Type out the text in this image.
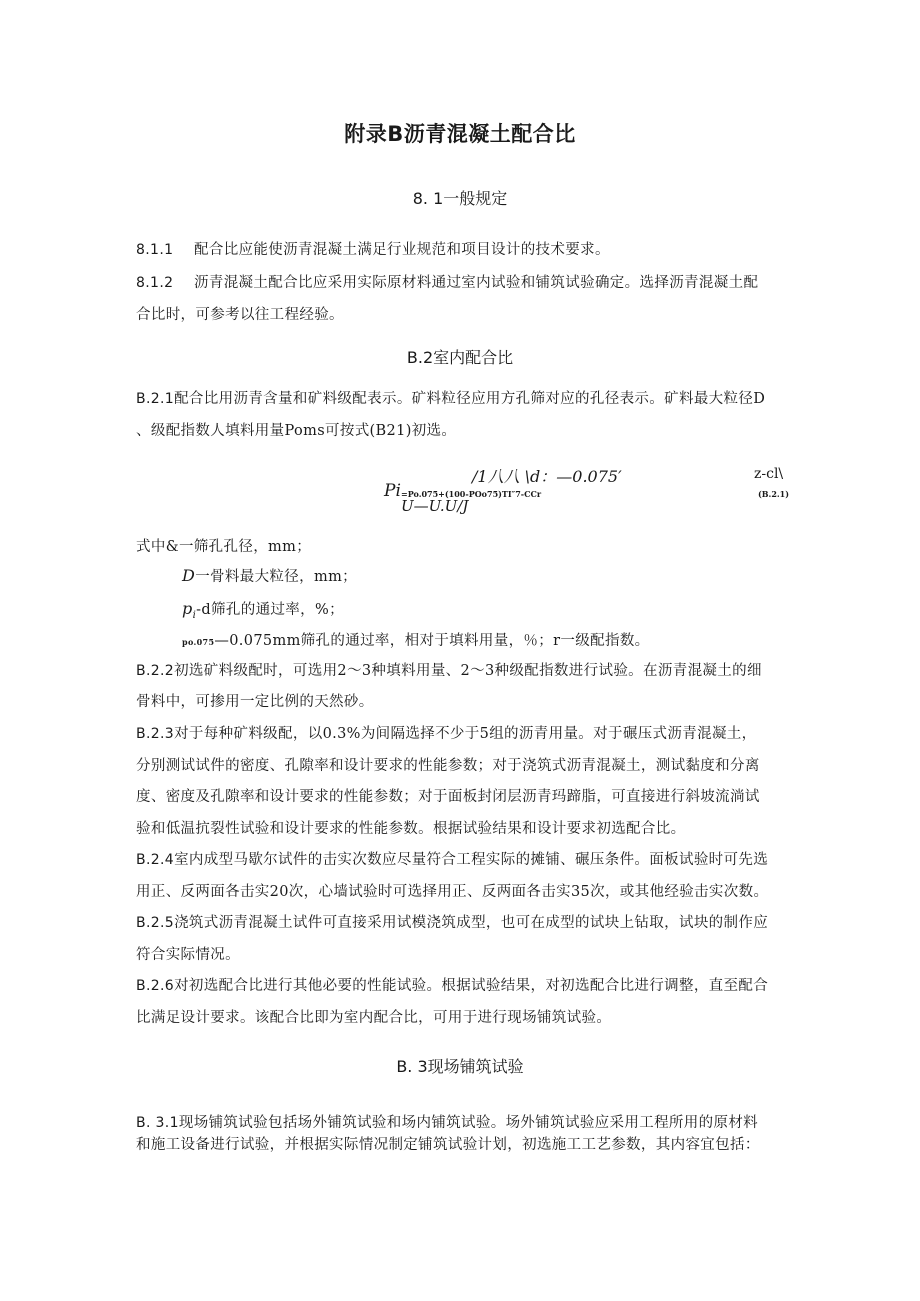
附录B沥青混凝土配合比
8. 1一般规定
8.1.1 配合比应能使沥青混凝土满足行业规范和项目设计的技术要求。
8.1.2 沥青混凝土配合比应采用实际原材料通过室内试验和铺筑试验确定。选择沥青混凝土配
合比时，可参考以往工程经验。
B.2室内配合比
B.2.1配合比用沥青含量和矿料级配表示。矿料粒径应用方孔筛对应的孔径表示。矿料最大粒径D
、级配指数人填料用量Poms可按式(B21)初选。
/1八八 \d：—0.075′	z-cl\
Pi =Po.075+(100-POo75)TI″7-CCr	(B.2.1)
U—U.U/J
式中&一筛孔孔径，mm；
D一骨料最大粒径，mm；
$p_i-d$筛孔的通过率，%；
po.075—0.075mm筛孔的通过率，相对于填料用量，％；r一级配指数。
B.2.2初选矿料级配时，可选用2～3种填料用量、2～3种级配指数进行试验。在沥青混凝土的细
骨料中，可掺用一定比例的天然砂。
B.2.3对于每种矿料级配，以0.3%为间隔选择不少于5组的沥青用量。对于碾压式沥青混凝土，
分别测试试件的密度、孔隙率和设计要求的性能参数；对于浇筑式沥青混凝土，测试黏度和分离
度、密度及孔隙率和设计要求的性能参数；对于面板封闭层沥青玛蹄脂，可直接进行斜坡流淌试
验和低温抗裂性试验和设计要求的性能参数。根据试验结果和设计要求初选配合比。
B.2.4室内成型马歇尔试件的击实次数应尽量符合工程实际的摊铺、碾压条件。面板试验时可先选
用正、反两面各击实20次，心墙试验时可选择用正、反两面各击实35次，或其他经验击实次数。
B.2.5浇筑式沥青混凝土试件可直接采用试模浇筑成型，也可在成型的试块上钻取，试块的制作应
符合实际情况。
B.2.6对初选配合比进行其他必要的性能试验。根据试验结果，对初选配合比进行调整，直至配合
比满足设计要求。该配合比即为室内配合比，可用于进行现场铺筑试验。
B. 3现场铺筑试验
B. 3.1现场铺筑试验包括场外铺筑试验和场内铺筑试验。场外铺筑试验应采用工程所用的原材料
和施工设备进行试验，并根据实际情况制定铺筑试验计划，初选施工工艺参数，其内容宜包括：
